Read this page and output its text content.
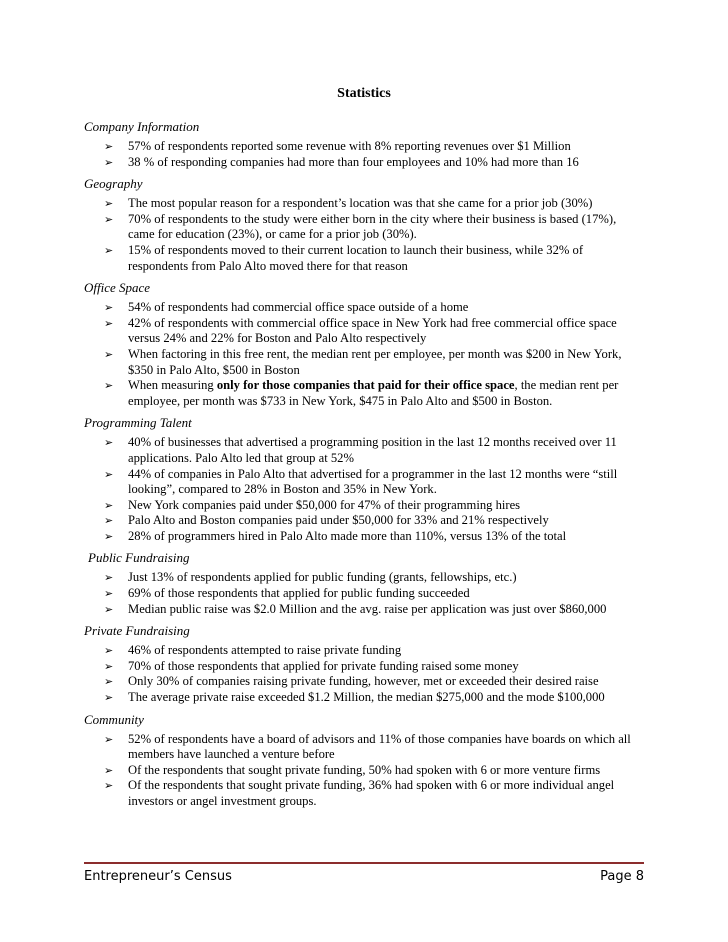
Statistics
Company Information
➢ 57% of respondents reported some revenue with 8% reporting revenues over $1 Million
➢ 38 % of responding companies had more than four employees and 10% had more than 16
Geography
➢ The most popular reason for a respondent’s location was that she came for a prior job (30%)
➢ 70% of respondents to the study were either born in the city where their business is based (17%), came for education (23%), or came for a prior job (30%).
➢ 15% of respondents moved to their current location to launch their business, while 32% of respondents from Palo Alto moved there for that reason
Office Space
➢ 54% of respondents had commercial office space outside of a home
➢ 42% of respondents with commercial office space in New York had free commercial office space versus 24% and 22% for Boston and Palo Alto respectively
➢ When factoring in this free rent, the median rent per employee, per month was $200 in New York, $350 in Palo Alto, $500 in Boston
➢ When measuring only for those companies that paid for their office space, the median rent per employee, per month was $733 in New York, $475 in Palo Alto and $500 in Boston.
Programming Talent
➢ 40% of businesses that advertised a programming position in the last 12 months received over 11 applications. Palo Alto led that group at 52%
➢ 44% of companies in Palo Alto that advertised for a programmer in the last 12 months were “still looking”, compared to 28% in Boston and 35% in New York.
➢ New York companies paid under $50,000 for 47% of their programming hires
➢ Palo Alto and Boston companies paid under $50,000 for 33% and 21% respectively
➢ 28% of programmers hired in Palo Alto made more than 110%, versus 13% of the total
Public Fundraising
➢ Just 13% of respondents applied for public funding (grants, fellowships, etc.)
➢ 69% of those respondents that applied for public funding succeeded
➢ Median public raise was $2.0 Million and the avg. raise per application was just over $860,000
Private Fundraising
➢ 46% of respondents attempted to raise private funding
➢ 70% of those respondents that applied for private funding raised some money
➢ Only 30% of companies raising private funding, however, met or exceeded their desired raise
➢ The average private raise exceeded $1.2 Million, the median $275,000 and the mode $100,000
Community
➢ 52% of respondents have a board of advisors and 11% of those companies have boards on which all members have launched a venture before
➢ Of the respondents that sought private funding, 50% had spoken with 6 or more venture firms
➢ Of the respondents that sought private funding, 36% had spoken with 6 or more individual angel investors or angel investment groups.
Entrepreneur’s Census	Page 8
